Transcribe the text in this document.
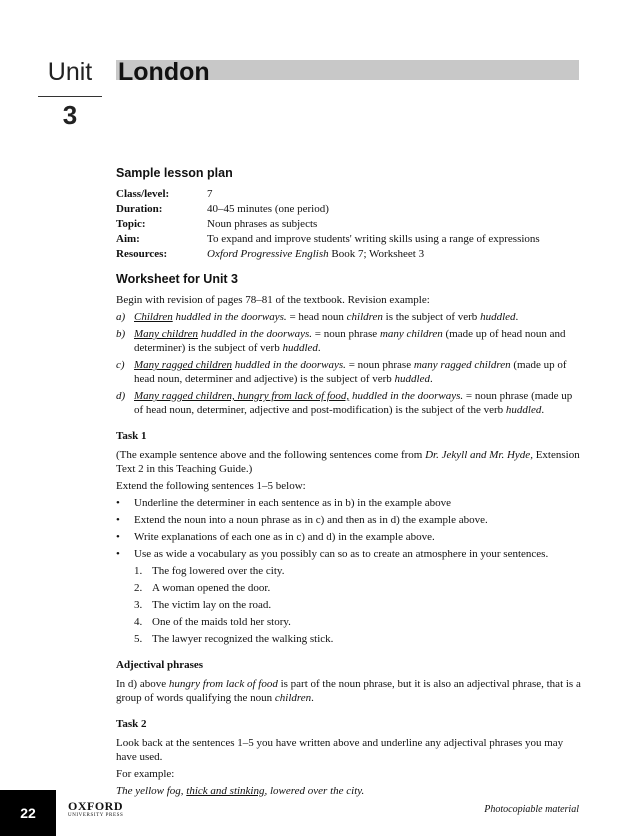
Unit
3
London
Sample lesson plan
Class/level:	7
Duration:	40–45 minutes (one period)
Topic:	Noun phrases as subjects
Aim:	To expand and improve students' writing skills using a range of expressions
Resources:	Oxford Progressive English Book 7; Worksheet 3
Worksheet for Unit 3

Begin with revision of pages 78–81 of the textbook. Revision example:

a) Children huddled in the doorways. = head noun children is the subject of verb huddled.
b) Many children huddled in the doorways. = noun phrase many children (made up of head noun and determiner) is the subject of verb huddled.
c) Many ragged children huddled in the doorways. = noun phrase many ragged children (made up of head noun, determiner and adjective) is the subject of verb huddled.
d) Many ragged children, hungry from lack of food, huddled in the doorways. = noun phrase (made up of head noun, determiner, adjective and post-modification) is the subject of the verb huddled.
Task 1

(The example sentence above and the following sentences come from Dr. Jekyll and Mr. Hyde, Extension Text 2 in this Teaching Guide.)

Extend the following sentences 1–5 below:

•	Underline the determiner in each sentence as in b) in the example above
•	Extend the noun into a noun phrase as in c) and then as in d) the example above.
•	Write explanations of each one as in c) and d) in the example above.
•	Use as wide a vocabulary as you possibly can so as to create an atmosphere in your sentences.
1. The fog lowered over the city.
2. A woman opened the door.
3. The victim lay on the road.
4. One of the maids told her story.
5. The lawyer recognized the walking stick.
Adjectival phrases

In d) above hungry from lack of food is part of the noun phrase, but it is also an adjectival phrase, that is a group of words qualifying the noun children.

Task 2

Look back at the sentences 1–5 you have written above and underline any adjectival phrases you may have used.

For example:

The yellow fog, thick and stinking, lowered over the city.

22	OXFORD
UNIVERSITY PRESS
Photocopiable material
